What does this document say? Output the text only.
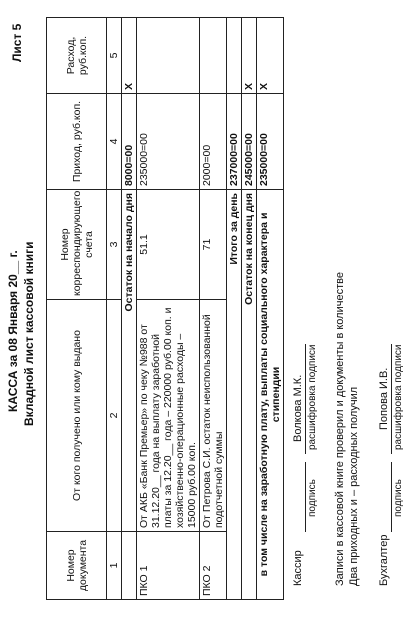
КАССА за 08 Января 20__ г. Вкладной лист кассовой книги
Лист 5
Номер документа	От кого получено или кому выдано	Номер корреспондирующего счета	Приход, руб.коп.	Расход, руб.коп.
1	2	3	4	5
	Остаток на начало дня		8000=00	Х
ПКО 1	От АКБ «Банк Премьер» по чеку №988 от 31.12.20__ года на выплату заработной платы за 12.20__ года – 220000 руб.00 коп. и хозяйственно-операционные расходы – 15000 руб.00 коп.	51.1	235000=00	
ПКО 2	От Петрова С.И. остаток неиспользованной подотчетной суммы	71	2000=00	
Итого за день			237000=00	
Остаток на конец дня			245000=00	Х
в том числе на заработную плату, выплаты социального характера и стипендии			235000=00	Х
Кассир
подпись
Волкова М.К. расшифровка подписи Записи в кассовой книге проверил и документы в количестве Два приходных и – расходных получил Бухгалтер
подпись
Попова И.В. расшифровка подписи
